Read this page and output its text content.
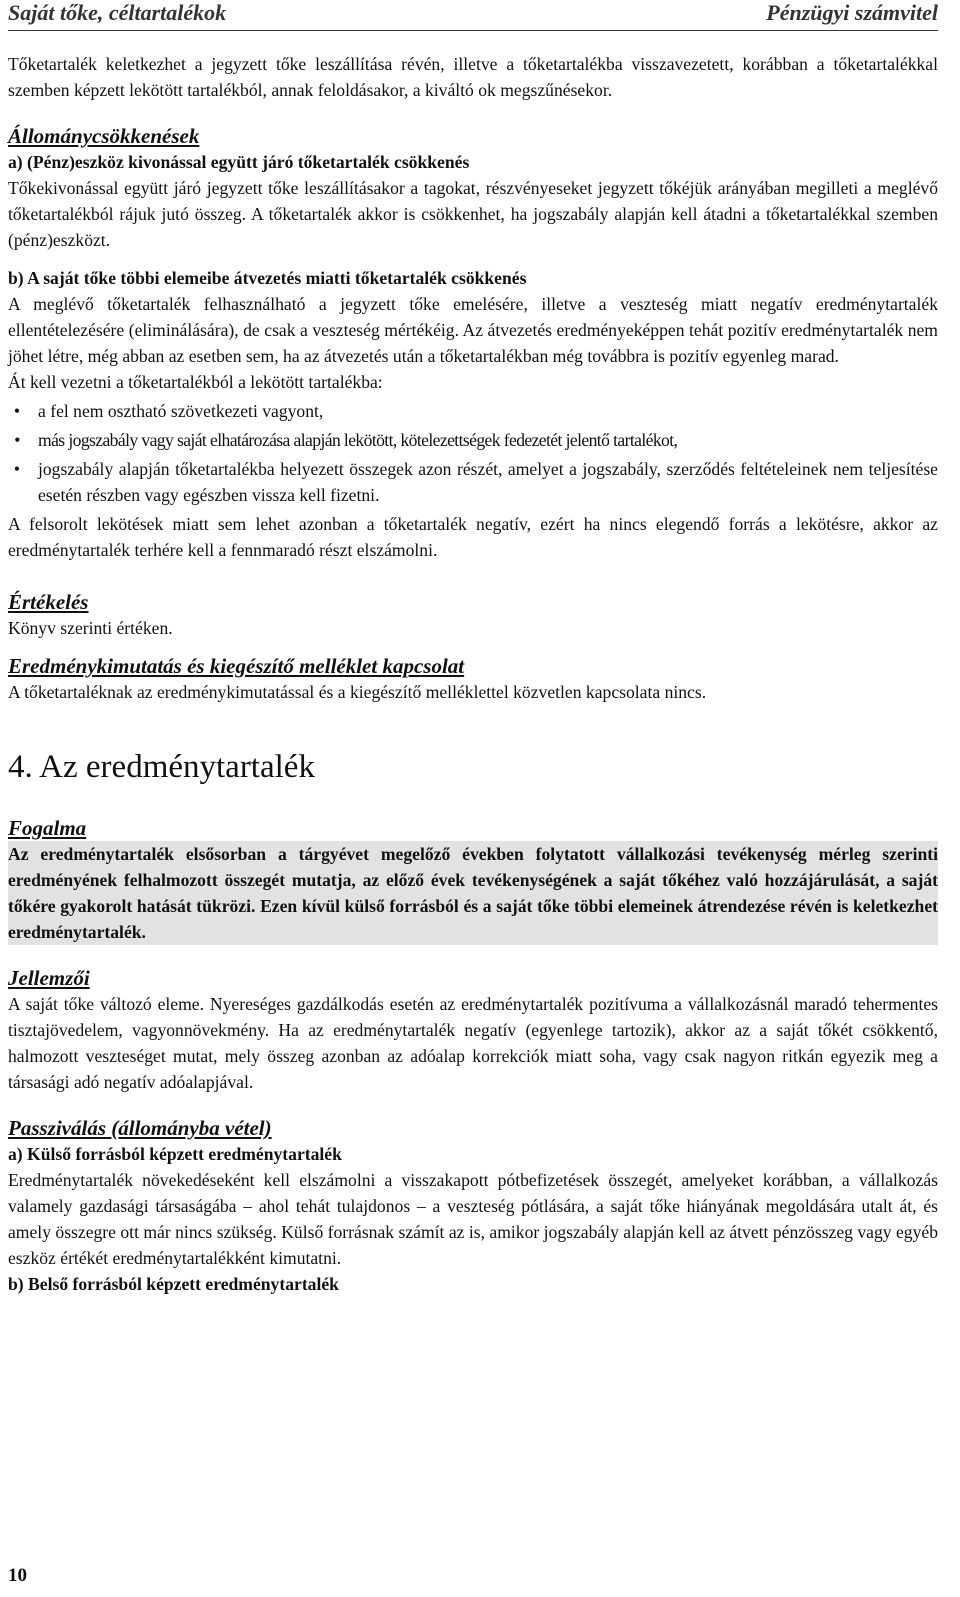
Saját tőke, céltartalékok	Pénzügyi számvitel

Tőketartalék keletkezhet a jegyzett tőke leszállítása révén, illetve a tőketartalékba visszavezetett, korábban a tőketartalékkal szemben képzett lekötött tartalékból, annak feloldásakor, a kiváltó ok megszűnésekor.

Állománycsökkenések

a) (Pénz)eszköz kivonással együtt járó tőketartalék csökkenés

Tőkekivonással együtt járó jegyzett tőke leszállításakor a tagokat, részvényeseket jegyzett tőkéjük arányában megilleti a meglévő tőketartalékból rájuk jutó összeg. A tőketartalék akkor is csökkenhet, ha jogszabály alapján kell átadni a tőketartalékkal szemben (pénz)eszközt.

b) A saját tőke többi elemeibe átvezetés miatti tőketartalék csökkenés

A meglévő tőketartalék felhasználható a jegyzett tőke emelésére, illetve a veszteség miatt negatív eredménytartalék ellentételezésére (eliminálására), de csak a veszteség mértékéig. Az átvezetés eredményeképpen tehát pozitív eredménytartalék nem jöhet létre, még abban az esetben sem, ha az átvezetés után a tőketartalékban még továbbra is pozitív egyenleg marad.

Át kell vezetni a tőketartalékból a lekötött tartalékba:

•	a fel nem osztható szövetkezeti vagyont,
•	más jogszabály vagy saját elhatározása alapján lekötött, kötelezettségek fedezetét jelentő tartalékot,
•	jogszabály alapján tőketartalékba helyezett összegek azon részét, amelyet a jogszabály, szerződés feltételeinek nem teljesítése esetén részben vagy egészben vissza kell fizetni.

A felsorolt lekötések miatt sem lehet azonban a tőketartalék negatív, ezért ha nincs elegendő forrás a lekötésre, akkor az eredménytartalék terhére kell a fennmaradó részt elszámolni.

Értékelés

Könyv szerinti értéken.

Eredménykimutatás és kiegészítő melléklet kapcsolat

A tőketartaléknak az eredménykimutatással és a kiegészítő melléklettel közvetlen kapcsolata nincs.

4. Az eredménytartalék
Fogalma

Az eredménytartalék elsősorban a tárgyévet megelőző években folytatott vállalkozási tevékenység mérleg szerinti eredményének felhalmozott összegét mutatja, az előző évek tevékenységének a saját tőkéhez való hozzájárulását, a saját tőkére gyakorolt hatását tükrözi. Ezen kívül külső forrásból és a saját tőke többi elemeinek átrendezése révén is keletkezhet eredménytartalék.

Jellemzői

A saját tőke változó eleme. Nyereséges gazdálkodás esetén az eredménytartalék pozitívuma a vállalkozásnál maradó tehermentes tisztajövedelem, vagyonnövekmény. Ha az eredménytartalék negatív (egyenlege tartozik), akkor az a saját tőkét csökkentő, halmozott veszteséget mutat, mely összeg azonban az adóalap korrekciók miatt soha, vagy csak nagyon ritkán egyezik meg a társasági adó negatív adóalapjával.

Passziválás (állományba vétel)

a) Külső forrásból képzett eredménytartalék

Eredménytartalék növekedéseként kell elszámolni a visszakapott pótbefizetések összegét, amelyeket korábban, a vállalkozás valamely gazdasági társaságába – ahol tehát tulajdonos – a veszteség pótlására, a saját tőke hiányának megoldására utalt át, és amely összegre ott már nincs szükség. Külső forrásnak számít az is, amikor jogszabály alapján kell az átvett pénzösszeg vagy egyéb eszköz értékét eredménytartalékként kimutatni.

b) Belső forrásból képzett eredménytartalék

10
